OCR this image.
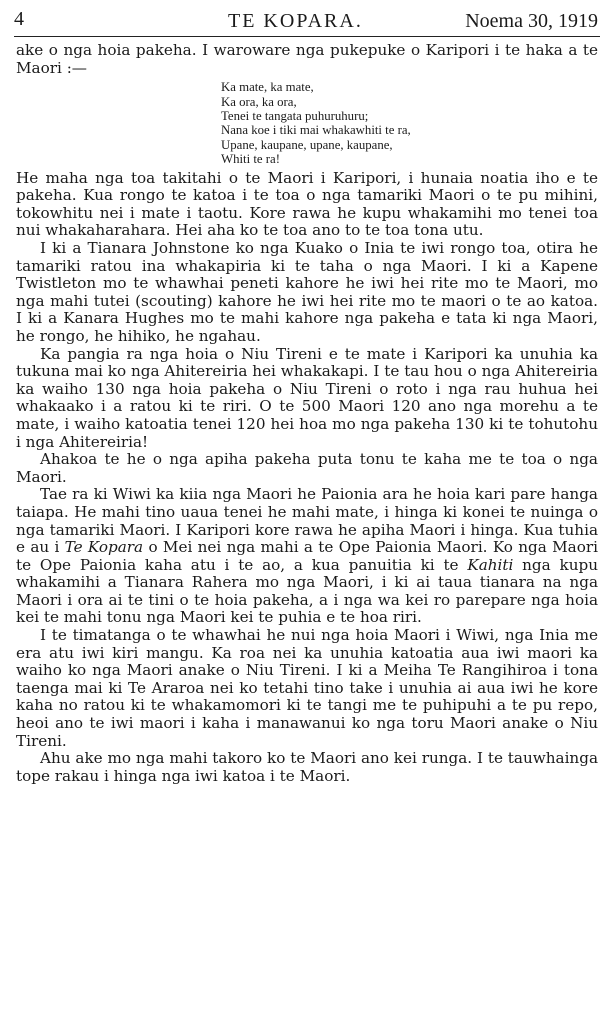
4	TE KOPARA.	Noema 30, 1919

ake o nga hoia pakeha. I waroware nga pukepuke o Karipori i te haka a te Maori :—

Ka mate, ka mate,
Ka ora, ka ora,
Tenei te tangata puhuruhuru;
Nana koe i tiki mai whakawhiti te ra,
Upane, kaupane, upane, kaupane,
Whiti te ra!

He maha nga toa takitahi o te Maori i Karipori, i hunaia noatia iho e te pakeha. Kua rongo te katoa i te toa o nga tamariki Maori o te pu mihini, tokowhitu nei i mate i taotu. Kore rawa he kupu whakamihi mo tenei toa nui whakaharahara. Hei aha ko te toa ano to te toa tona utu.

I ki a Tianara Johnstone ko nga Kuako o Inia te iwi rongo toa, otira he tamariki ratou ina whakapiria ki te taha o nga Maori. I ki a Kapene Twistleton mo te whawhai peneti kahore he iwi hei rite mo te Maori, mo nga mahi tutei (scouting) kahore he iwi hei rite mo te maori o te ao katoa. I ki a Kanara Hughes mo te mahi kahore nga pakeha e tata ki nga Maori, he rongo, he hihiko, he ngahau.

Ka pangia ra nga hoia o Niu Tireni e te mate i Karipori ka unuhia ka tukuna mai ko nga Ahitereiria hei whakakapi. I te tau hou o nga Ahitereiria ka waiho 130 nga hoia pakeha o Niu Tireni o roto i nga rau huhua hei whakaako i a ratou ki te riri. O te 500 Maori 120 ano nga morehu a te mate, i waiho katoatia tenei 120 hei hoa mo nga pakeha 130 ki te tohutohu i nga Ahitereiria!

Ahakoa te he o nga apiha pakeha puta tonu te kaha me te toa o nga Maori.

Tae ra ki Wiwi ka kiia nga Maori he Paionia ara he hoia kari pare hanga taiapa. He mahi tino uaua tenei he mahi mate, i hinga ki konei te nuinga o nga tamariki Maori. I Karipori kore rawa he apiha Maori i hinga. Kua tuhia e au i Te Kopara o Mei nei nga mahi a te Ope Paionia Maori. Ko nga Maori te Ope Paionia kaha atu i te ao, a kua panuitia ki te Kahiti nga kupu whakamihi a Tianara Rahera mo nga Maori, i ki ai taua tianara na nga Maori i ora ai te tini o te hoia pakeha, a i nga wa kei ro parepare nga hoia kei te mahi tonu nga Maori kei te puhia e te hoa riri.

I te timatanga o te whawhai he nui nga hoia Maori i Wiwi, nga Inia me era atu iwi kiri mangu. Ka roa nei ka unuhia katoatia aua iwi maori ka waiho ko nga Maori anake o Niu Tireni. I ki a Meiha Te Rangihiroa i tona taenga mai ki Te Araroa nei ko tetahi tino take i unuhia ai aua iwi he kore kaha no ratou ki te whakamomori ki te tangi me te puhipuhi a te pu repo, heoi ano te iwi maori i kaha i manawanui ko nga toru Maori anake o Niu Tireni.

Ahu ake mo nga mahi takoro ko te Maori ano kei runga. I te tauwhainga tope rakau i hinga nga iwi katoa i te Maori.
